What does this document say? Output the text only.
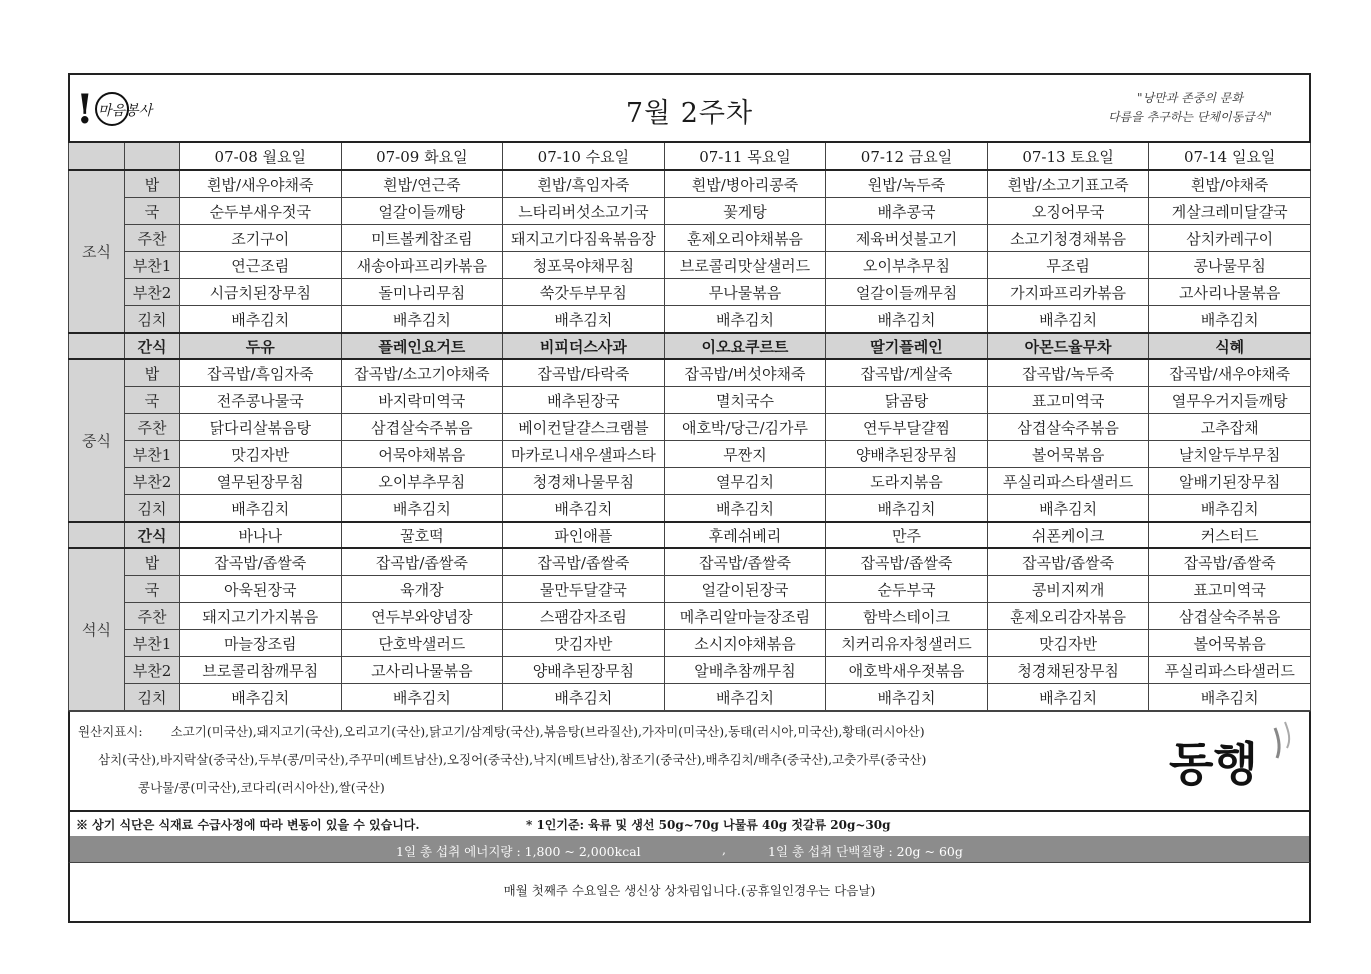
! 마음봉사	7월 2주차	"낭만과 존중의 문화
다름을 추구하는 단체이동급식"
		07-08 월요일	07-09 화요일	07-10 수요일	07-11 목요일	07-12 금요일	07-13 토요일	07-14 일요일
조식	밥	흰밥/새우야채죽	흰밥/연근죽	흰밥/흑임자죽	흰밥/병아리콩죽	원밥/녹두죽	흰밥/소고기표고죽	흰밥/야채죽
	국	순두부새우젓국	얼갈이들깨탕	느타리버섯소고기국	꽃게탕	배추콩국	오징어무국	게살크레미달걀국
	주찬	조기구이	미트볼케찹조림	돼지고기다짐육볶음장	훈제오리야채볶음	제육버섯불고기	소고기청경채볶음	삼치카레구이
	부찬1	연근조림	새송아파프리카볶음	청포묵야채무침	브로콜리맛살샐러드	오이부추무침	무조림	콩나물무침
	부찬2	시금치된장무침	돌미나리무침	쑥갓두부무침	무나물볶음	얼갈이들깨무침	가지파프리카볶음	고사리나물볶음
	김치	배추김치	배추김치	배추김치	배추김치	배추김치	배추김치	배추김치
	간식	두유	플레인요거트	비피더스사과	이오요쿠르트	딸기플레인	아몬드율무차	식혜
중식	밥	잡곡밥/흑임자죽	잡곡밥/소고기야채죽	잡곡밥/타락죽	잡곡밥/버섯야채죽	잡곡밥/게살죽	잡곡밥/녹두죽	잡곡밥/새우야채죽
	국	전주콩나물국	바지락미역국	배추된장국	멸치국수	닭곰탕	표고미역국	열무우거지들깨탕
	주찬	닭다리살볶음탕	삼겹살숙주볶음	베이컨달걀스크램블	애호박/당근/김가루	연두부달걀찜	삼겹살숙주볶음	고추잡채
	부찬1	맛김자반	어묵야채볶음	마카로니새우샐파스타	무짠지	양배추된장무침	볼어묵볶음	날치알두부무침
	부찬2	열무된장무침	오이부추무침	청경채나물무침	열무김치	도라지볶음	푸실리파스타샐러드	알배기된장무침
	김치	배추김치	배추김치	배추김치	배추김치	배추김치	배추김치	배추김치
	간식	바나나	꿀호떡	파인애플	후레쉬베리	만주	쉬폰케이크	커스터드
석식	밥	잡곡밥/좁쌀죽	잡곡밥/좁쌀죽	잡곡밥/좁쌀죽	잡곡밥/좁쌀죽	잡곡밥/좁쌀죽	잡곡밥/좁쌀죽	잡곡밥/좁쌀죽
	국	아욱된장국	육개장	물만두달걀국	얼갈이된장국	순두부국	콩비지찌개	표고미역국
	주찬	돼지고기가지볶음	연두부와양념장	스팸감자조림	메추리알마늘장조림	함박스테이크	훈제오리감자볶음	삼겹살숙주볶음
	부찬1	마늘장조림	단호박샐러드	맛김자반	소시지야채볶음	치커리유자청샐러드	맛김자반	볼어묵볶음
	부찬2	브로콜리참깨무침	고사리나물볶음	양배추된장무침	알배추참깨무침	애호박새우젓볶음	청경채된장무침	푸실리파스타샐러드
	김치	배추김치	배추김치	배추김치	배추김치	배추김치	배추김치	배추김치
원산지표시: 소고기(미국산),돼지고기(국산),오리고기(국산),닭고기/삼계탕(국산),볶음탕(브라질산),가자미(미국산),동태(러시아,미국산),황태(러시아산)
삼치(국산),바지락살(중국산),두부(콩/미국산),주꾸미(베트남산),오징어(중국산),낙지(베트남산),참조기(중국산),배추김치/배추(중국산),고춧가루(중국산)
콩나물/콩(미국산),코다리(러시아산),쌀(국산)	동행
※ 상기 식단은 식재료 수급사정에 따라 변동이 있을 수 있습니다.	* 1인기준: 육류 및 생선 50g~70g 나물류 40g 젓갈류 20g~30g
1일 총 섭취 에너지량 : 1,800 ~ 2,000kcal	,	1일 총 섭취 단백질량 : 20g ~ 60g
매월 첫째주 수요일은 생신상 상차림입니다.(공휴일인경우는 다음날)
